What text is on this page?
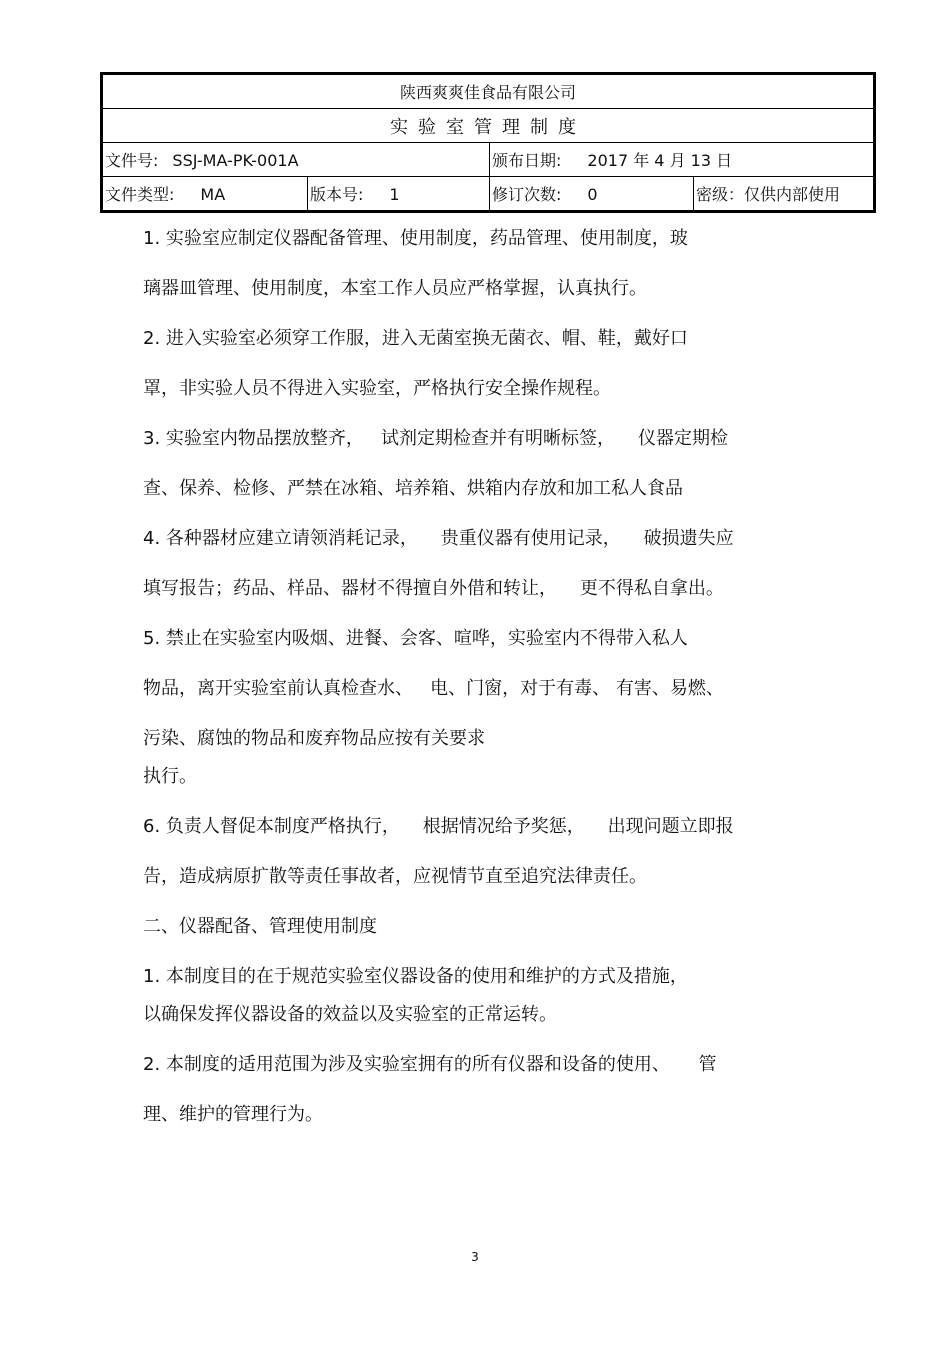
陕西爽爽佳食品有限公司			
实验室管理制度			
文件号: SSJ-MA-PK-001A		颁布日期: 2017 年 4 月 13 日	
文件类型: MA	版本号: 1	修订次数: 0	密级：仅供内部使用
1. 实验室应制定仪器配备管理、使用制度，药品管理、使用制度，玻
璃器皿管理、使用制度，本室工作人员应严格掌握，认真执行。
2. 进入实验室必须穿工作服，进入无菌室换无菌衣、帽、鞋，戴好口
罩，非实验人员不得进入实验室，严格执行安全操作规程。
3. 实验室内物品摆放整齐，   试剂定期检查并有明晰标签，    仪器定期检
查、保养、检修、严禁在冰箱、培养箱、烘箱内存放和加工私人食品
4. 各种器材应建立请领消耗记录，    贵重仪器有使用记录，    破损遗失应
填写报告；药品、样品、器材不得擅自外借和转让，    更不得私自拿出。
5. 禁止在实验室内吸烟、进餐、会客、喧哗，实验室内不得带入私人
物品，离开实验室前认真检查水、   电、门窗，对于有毒、 有害、易燃、
污染、腐蚀的物品和废弃物品应按有关要求
执行。
6. 负责人督促本制度严格执行，    根据情况给予奖惩，    出现问题立即报
告，造成病原扩散等责任事故者，应视情节直至追究法律责任。
二、仪器配备、管理使用制度
1. 本制度目的在于规范实验室仪器设备的使用和维护的方式及措施，
以确保发挥仪器设备的效益以及实验室的正常运转。
2. 本制度的适用范围为涉及实验室拥有的所有仪器和设备的使用、     管
理、维护的管理行为。
3
